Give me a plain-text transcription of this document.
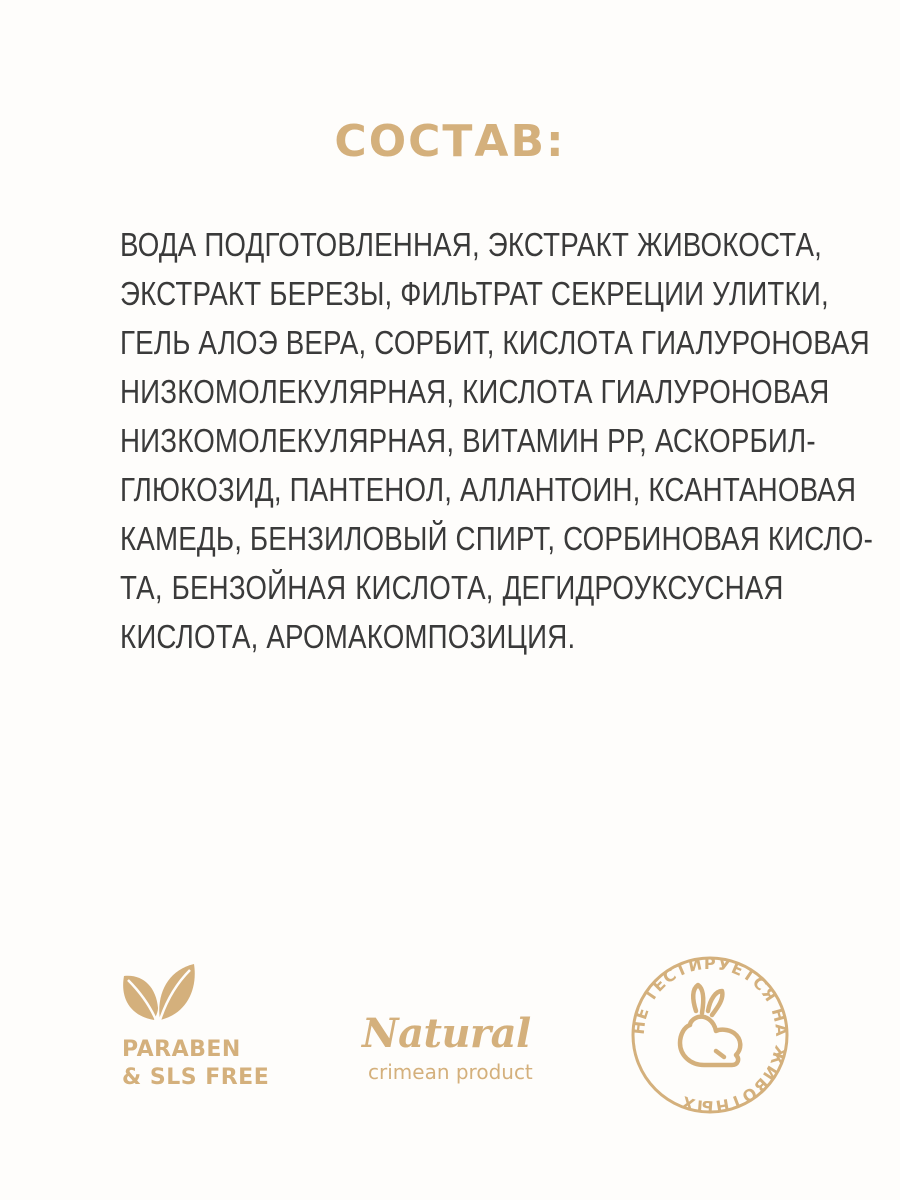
СОСТАВ:
ВОДА ПОДГОТОВЛЕННАЯ, ЭКСТРАКТ ЖИВОКОСТА,
ЭКСТРАКТ БЕРЕЗЫ, ФИЛЬТРАТ СЕКРЕЦИИ УЛИТКИ,
ГЕЛЬ АЛОЭ ВЕРА, СОРБИТ, КИСЛОТА ГИАЛУРОНОВАЯ
НИЗКОМОЛЕКУЛЯРНАЯ, КИСЛОТА ГИАЛУРОНОВАЯ
НИЗКОМОЛЕКУЛЯРНАЯ, ВИТАМИН РР, АСКОРБИЛ-
ГЛЮКОЗИД, ПАНТЕНОЛ, АЛЛАНТОИН, КСАНТАНОВАЯ
КАМЕДЬ, БЕНЗИЛОВЫЙ СПИРТ, СОРБИНОВАЯ КИСЛО-
ТА, БЕНЗОЙНАЯ КИСЛОТА, ДЕГИДРОУКСУСНАЯ
КИСЛОТА, АРОМАКОМПОЗИЦИЯ.
PARABEN
& SLS FREE
Natural
crimean product
НЕ ТЕСТИРУЕТСЯ НА ЖИВОТНЫХ
